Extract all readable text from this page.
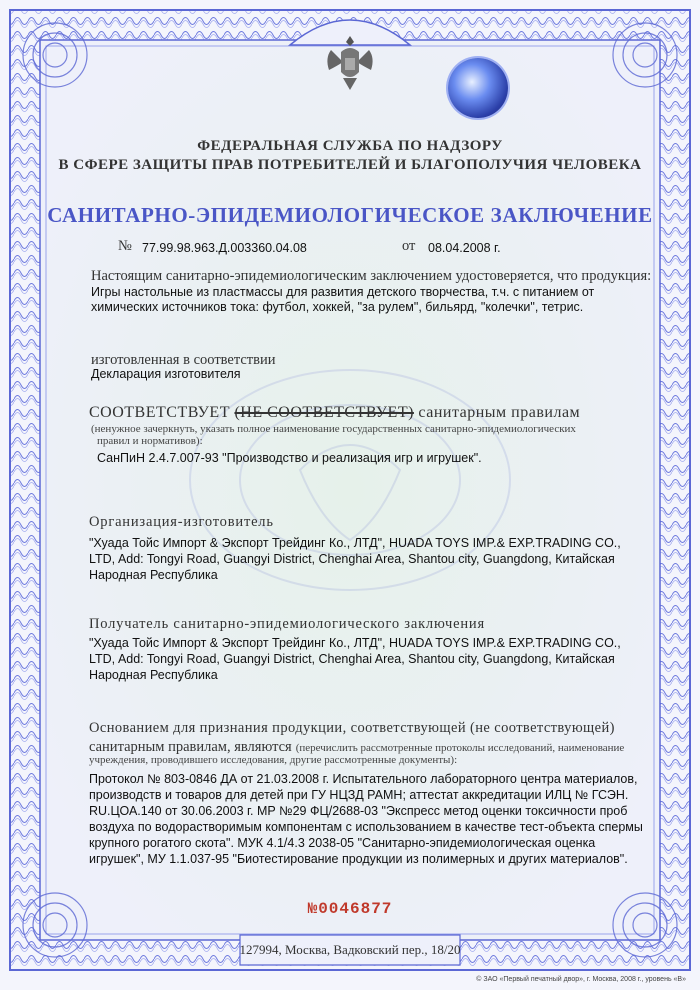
ФЕДЕРАЛЬНАЯ СЛУЖБА ПО НАДЗОРУ
В СФЕРЕ ЗАЩИТЫ ПРАВ ПОТРЕБИТЕЛЕЙ И БЛАГОПОЛУЧИЯ ЧЕЛОВЕКА
САНИТАРНО-ЭПИДЕМИОЛОГИЧЕСКОЕ ЗАКЛЮЧЕНИЕ
№ 77.99.98.963.Д.003360.04.08	от 08.04.2008 г.
Настоящим санитарно-эпидемиологическим заключением удостоверяется, что продукция:
Игры настольные из пластмассы для развития детского творчества, т.ч. с питанием от
химических источников тока: футбол, хоккей, "за рулем", бильярд, "колечки", тетрис.
изготовленная в соответствии
Декларация изготовителя
СООТВЕТСТВУЕТ (НЕ СООТВЕТСТВУЕТ) санитарным правилам
(ненужное зачеркнуть, указать полное наименование государственных санитарно-эпидемиологических
правил и нормативов):
СанПиН 2.4.7.007-93 "Производство и реализация игр и игрушек".
Организация-изготовитель
"Хуада Тойс Импорт & Экспорт Трейдинг Ко., ЛТД", HUADA TOYS IMP.& EXP.TRADING CO.,
LTD, Add: Tongyi Road, Guangyi District, Chenghai Area, Shantou city, Guangdong, Китайская
Народная Республика
Получатель санитарно-эпидемиологического заключения
"Хуада Тойс Импорт & Экспорт Трейдинг Ко., ЛТД", HUADA TOYS IMP.& EXP.TRADING CO.,
LTD, Add: Tongyi Road, Guangyi District, Chenghai Area, Shantou city, Guangdong, Китайская
Народная Республика
Основанием для признания продукции, соответствующей (не соответствующей)
санитарным правилам, являются (перечислить рассмотренные протоколы исследований, наименование
учреждения, проводившего исследования, другие рассмотренные документы):
Протокол № 803-0846 ДА от 21.03.2008 г. Испытательного лабораторного центра материалов,
производств и товаров для детей при ГУ НЦЗД РАМН; аттестат аккредитации ИЛЦ № ГСЭН.
RU.ЦОА.140 от 30.06.2003 г. МР №29 ФЦ/2688-03 "Экспресс метод оценки токсичности проб
воздуха по водорастворимым компонентам с использованием в качестве тест-объекта спермы
крупного рогатого скота". МУК 4.1/4.3 2038-05 "Санитарно-эпидемиологическая оценка
игрушек", МУ 1.1.037-95 "Биотестирование продукции из полимерных и других материалов".
№0046877
127994, Москва, Вадковский пер., 18/20
© ЗАО «Первый печатный двор», г. Москва, 2008 г., уровень «В»
